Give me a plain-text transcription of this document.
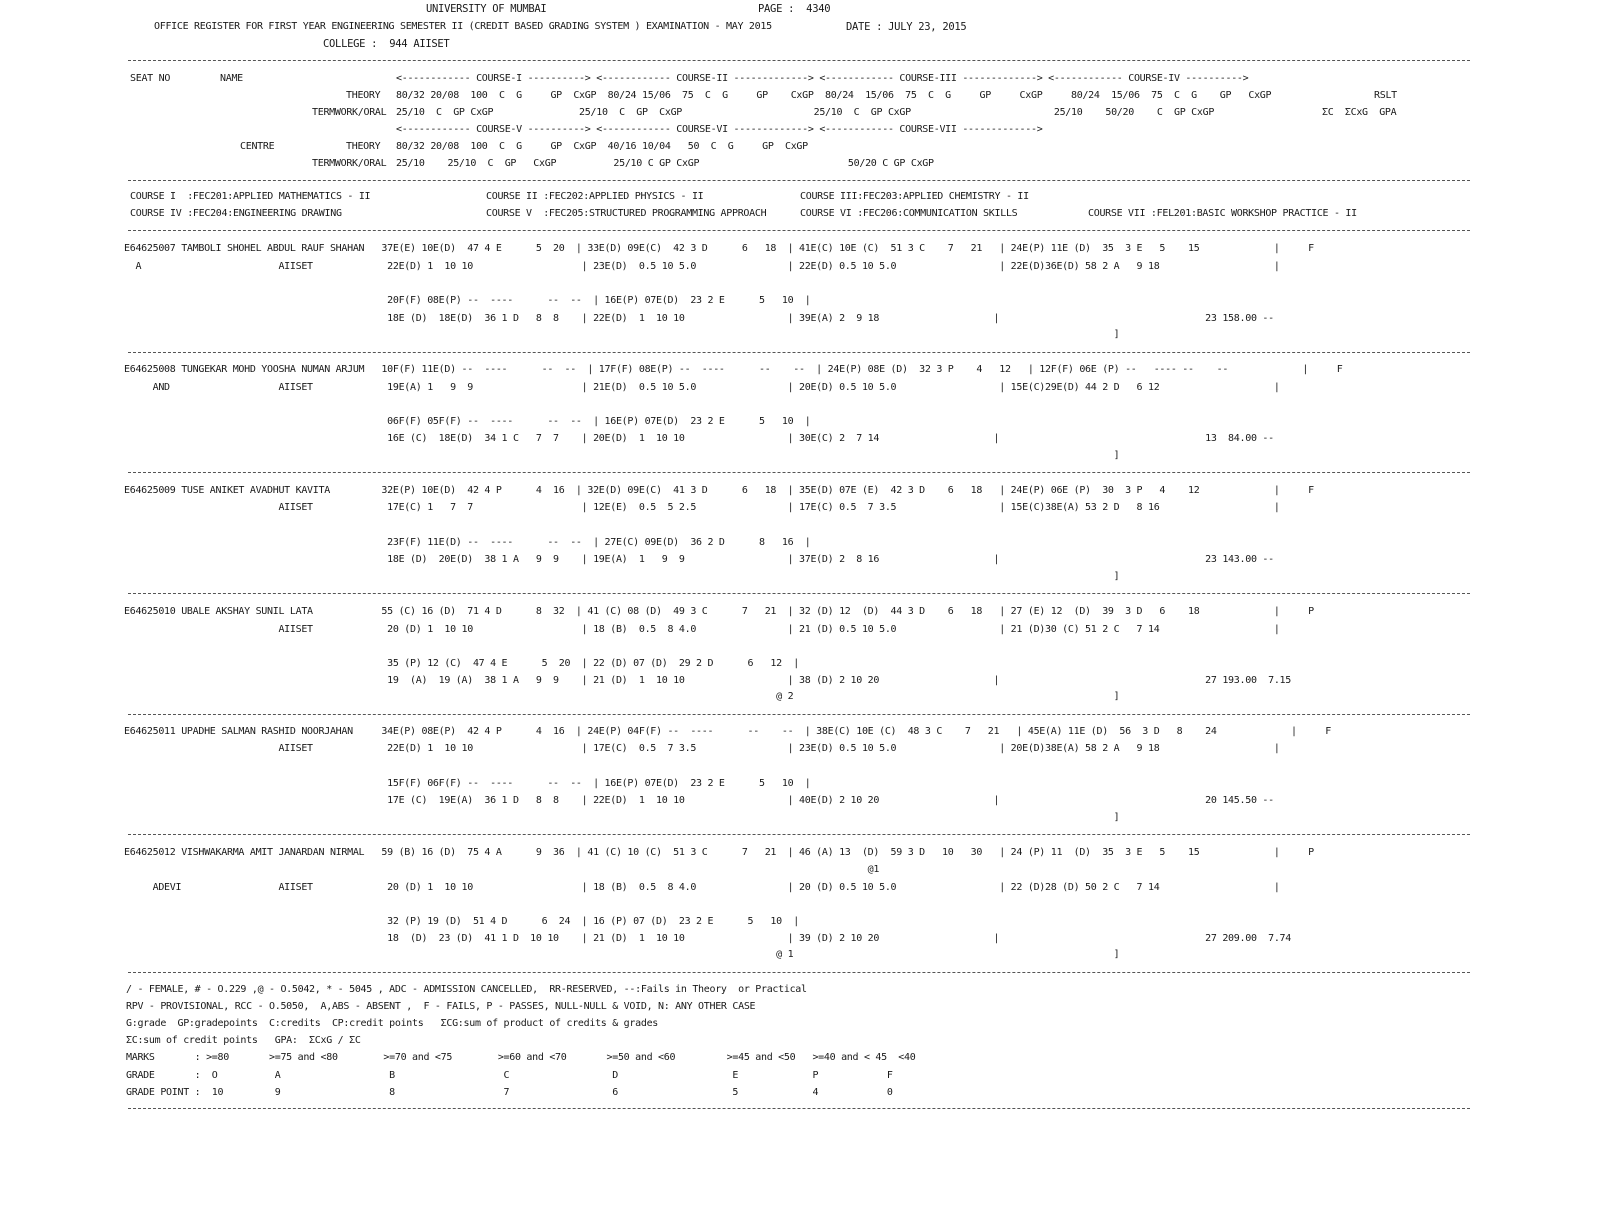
UNIVERSITY OF MUMBAI	PAGE :  4340
OFFICE REGISTER FOR FIRST YEAR ENGINEERING SEMESTER II (CREDIT BASED GRADING SYSTEM ) EXAMINATION - MAY 2015	DATE : JULY 23, 2015
COLLEGE :  944 AIISET
SEAT NO	NAME	<------------ COURSE-I ----------> <------------ COURSE-II -------------> <------------ COURSE-III -------------> <------------ COURSE-IV ---------->
THEORY 80/32 20/08  100  C  G     GP  CxGP  80/24 15/06  75  C  G     GP    CxGP  80/24  15/06  75  C  G     GP     CxGP     80/24  15/06  75  C  G    GP   CxGP	RSLT
TERMWORK/ORAL 25/10  C  GP CxGP               25/10  C  GP  CxGP                       25/10  C  GP CxGP                         25/10    50/20    C  GP CxGP	ΣC  ΣCxG  GPA
<------------ COURSE-V ----------> <------------ COURSE-VI -------------> <------------ COURSE-VII ------------->
CENTRE	THEORY 80/32 20/08  100  C  G     GP  CxGP  40/16 10/04   50  C  G     GP  CxGP
TERMWORK/ORAL 25/10    25/10  C  GP   CxGP          25/10 C GP CxGP                          50/20 C GP CxGP
COURSE I  :FEC201:APPLIED MATHEMATICS - II	COURSE II :FEC202:APPLIED PHYSICS - II	COURSE III:FEC203:APPLIED CHEMISTRY - II
COURSE IV :FEC204:ENGINEERING DRAWING	COURSE V  :FEC205:STRUCTURED PROGRAMMING APPROACH	COURSE VI :FEC206:COMMUNICATION SKILLS	COURSE VII :FEL201:BASIC WORKSHOP PRACTICE - II
E64625007 TAMBOLI SHOHEL ABDUL RAUF SHAHAN   37E(E) 10E(D)  47 4 E      5  20  | 33E(D) 09E(C)  42 3 D      6   18  | 41E(C) 10E (C)  51 3 C    7   21   | 24E(P) 11E (D)  35  3 E   5    15             |     F
A                        AIISET             22E(D) 1  10 10                   | 23E(D)  0.5 10 5.0                | 22E(D) 0.5 10 5.0                  | 22E(D)36E(D) 58 2 A   9 18                    |
20F(F) 08E(P) --  ----      --  --  | 16E(P) 07E(D)  23 2 E      5   10  |
18E (D)  18E(D)  36 1 D   8  8    | 22E(D)  1  10 10                  | 39E(A) 2  9 18                    |                                    23 158.00 --
]
E64625008 TUNGEKAR MOHD YOOSHA NUMAN ARJUM   10F(F) 11E(D) --  ----      --  --  | 17F(F) 08E(P) --  ----      --    --  | 24E(P) 08E (D)  32 3 P    4   12   | 12F(F) 06E (P) --   ---- --    --             |     F
AND                   AIISET             19E(A) 1   9  9                   | 21E(D)  0.5 10 5.0                | 20E(D) 0.5 10 5.0                  | 15E(C)29E(D) 44 2 D   6 12                    |
06F(F) 05F(F) --  ----      --  --  | 16E(P) 07E(D)  23 2 E      5   10  |
16E (C)  18E(D)  34 1 C   7  7    | 20E(D)  1  10 10                  | 30E(C) 2  7 14                    |                                    13  84.00 --
]
E64625009 TUSE ANIKET AVADHUT KAVITA         32E(P) 10E(D)  42 4 P      4  16  | 32E(D) 09E(C)  41 3 D      6   18  | 35E(D) 07E (E)  42 3 D    6   18   | 24E(P) 06E (P)  30  3 P   4    12             |     F
AIISET             17E(C) 1   7  7                   | 12E(E)  0.5  5 2.5                | 17E(C) 0.5  7 3.5                  | 15E(C)38E(A) 53 2 D   8 16                    |
23F(F) 11E(D) --  ----      --  --  | 27E(C) 09E(D)  36 2 D      8   16  |
18E (D)  20E(D)  38 1 A   9  9    | 19E(A)  1   9  9                  | 37E(D) 2  8 16                    |                                    23 143.00 --
]
E64625010 UBALE AKSHAY SUNIL LATA            55 (C) 16 (D)  71 4 D      8  32  | 41 (C) 08 (D)  49 3 C      7   21  | 32 (D) 12  (D)  44 3 D    6   18   | 27 (E) 12  (D)  39  3 D   6    18             |     P
AIISET             20 (D) 1  10 10                   | 18 (B)  0.5  8 4.0                | 21 (D) 0.5 10 5.0                  | 21 (D)30 (C) 51 2 C   7 14                    |
35 (P) 12 (C)  47 4 E      5  20  | 22 (D) 07 (D)  29 2 D      6   12  |
19  (A)  19 (A)  38 1 A   9  9    | 21 (D)  1  10 10                  | 38 (D) 2 10 20                    |                                    27 193.00  7.15
@ 2                                                        ]
E64625011 UPADHE SALMAN RASHID NOORJAHAN     34E(P) 08E(P)  42 4 P      4  16  | 24E(P) 04F(F) --  ----      --    --  | 38E(C) 10E (C)  48 3 C    7   21   | 45E(A) 11E (D)  56  3 D   8    24             |     F
AIISET             22E(D) 1  10 10                   | 17E(C)  0.5  7 3.5                | 23E(D) 0.5 10 5.0                  | 20E(D)38E(A) 58 2 A   9 18                    |
15F(F) 06F(F) --  ----      --  --  | 16E(P) 07E(D)  23 2 E      5   10  |
17E (C)  19E(A)  36 1 D   8  8    | 22E(D)  1  10 10                  | 40E(D) 2 10 20                    |                                    20 145.50 --
]
E64625012 VISHWAKARMA AMIT JANARDAN NIRMAL   59 (B) 16 (D)  75 4 A      9  36  | 41 (C) 10 (C)  51 3 C      7   21  | 46 (A) 13  (D)  59 3 D   10   30   | 24 (P) 11  (D)  35  3 E   5    15             |     P
@1
ADEVI                 AIISET             20 (D) 1  10 10                   | 18 (B)  0.5  8 4.0                | 20 (D) 0.5 10 5.0                  | 22 (D)28 (D) 50 2 C   7 14                    |
32 (P) 19 (D)  51 4 D      6  24  | 16 (P) 07 (D)  23 2 E      5   10  |
18  (D)  23 (D)  41 1 D  10 10    | 21 (D)  1  10 10                  | 39 (D) 2 10 20                    |                                    27 209.00  7.74
@ 1                                                        ]
/ - FEMALE, # - O.229 ,@ - O.5042, * - 5045 , ADC - ADMISSION CANCELLED,  RR-RESERVED, --:Fails in Theory  or Practical
RPV - PROVISIONAL, RCC - O.5050,  A,ABS - ABSENT ,  F - FAILS, P - PASSES, NULL-NULL & VOID, N: ANY OTHER CASE
G:grade  GP:gradepoints  C:credits  CP:credit points   ΣCG:sum of product of credits & grades
ΣC:sum of credit points   GPA:  ΣCxG / ΣC
MARKS       : >=80       >=75 and <80        >=70 and <75        >=60 and <70       >=50 and <60         >=45 and <50   >=40 and < 45  <40
GRADE       :  O          A                   B                   C                  D                    E             P            F
GRADE POINT :  10         9                   8                   7                  6                    5             4            0
